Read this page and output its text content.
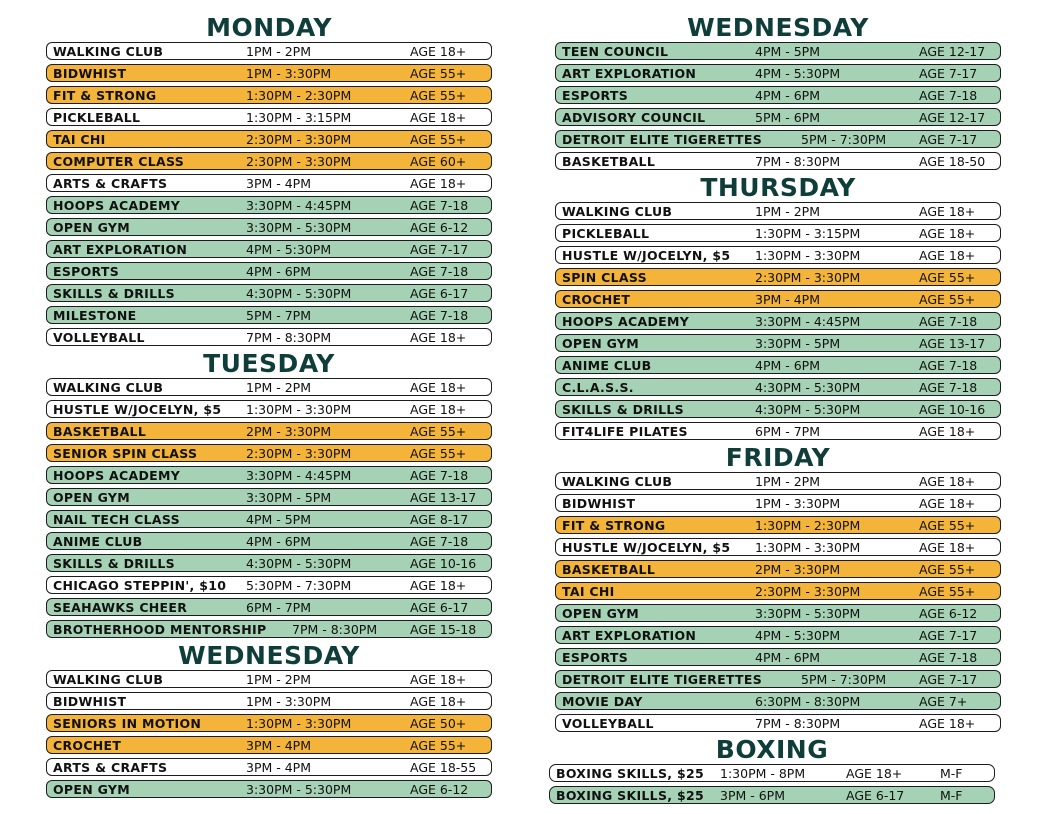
MONDAY
WALKING CLUB	1PM - 2PM	AGE 18+
BIDWHIST	1PM - 3:30PM	AGE 55+
FIT & STRONG	1:30PM - 2:30PM	AGE 55+
PICKLEBALL	1:30PM - 3:15PM	AGE 18+
TAI CHI	2:30PM - 3:30PM	AGE 55+
COMPUTER CLASS	2:30PM - 3:30PM	AGE 60+
ARTS & CRAFTS	3PM - 4PM	AGE 18+
HOOPS ACADEMY	3:30PM - 4:45PM	AGE 7-18
OPEN GYM	3:30PM - 5:30PM	AGE 6-12
ART EXPLORATION	4PM - 5:30PM	AGE 7-17
ESPORTS	4PM - 6PM	AGE 7-18
SKILLS & DRILLS	4:30PM - 5:30PM	AGE 6-17
MILESTONE	5PM - 7PM	AGE 7-18
VOLLEYBALL	7PM - 8:30PM	AGE 18+
TUESDAY
WALKING CLUB	1PM - 2PM	AGE 18+
HUSTLE W/JOCELYN, $5 1:30PM - 3:30PM	AGE 18+
BASKETBALL	2PM - 3:30PM	AGE 55+
SENIOR SPIN CLASS	2:30PM - 3:30PM	AGE 55+
HOOPS ACADEMY	3:30PM - 4:45PM	AGE 7-18
OPEN GYM	3:30PM - 5PM	AGE 13-17
NAIL TECH CLASS	4PM - 5PM	AGE 8-17
ANIME CLUB	4PM - 6PM	AGE 7-18
SKILLS & DRILLS	4:30PM - 5:30PM	AGE 10-16
CHICAGO STEPPIN', $10 5:30PM - 7:30PM	AGE 18+
SEAHAWKS CHEER	6PM - 7PM	AGE 6-17
BROTHERHOOD MENTORSHIP 7PM - 8:30PM	AGE 15-18
WEDNESDAY
WALKING CLUB	1PM - 2PM	AGE 18+
BIDWHIST	1PM - 3:30PM	AGE 18+
SENIORS IN MOTION	1:30PM - 3:30PM	AGE 50+
CROCHET	3PM - 4PM	AGE 55+
ARTS & CRAFTS	3PM - 4PM	AGE 18-55
OPEN GYM	3:30PM - 5:30PM	AGE 6-12
WEDNESDAY
TEEN COUNCIL	4PM - 5PM	AGE 12-17
ART EXPLORATION	4PM - 5:30PM	AGE 7-17
ESPORTS	4PM - 6PM	AGE 7-18
ADVISORY COUNCIL	5PM - 6PM	AGE 12-17
DETROIT ELITE TIGERETTES	5PM - 7:30PM	AGE 7-17
BASKETBALL	7PM - 8:30PM	AGE 18-50
THURSDAY
WALKING CLUB	1PM - 2PM	AGE 18+
PICKLEBALL	1:30PM - 3:15PM	AGE 18+
HUSTLE W/JOCELYN, $5 1:30PM - 3:30PM	AGE 18+
SPIN CLASS	2:30PM - 3:30PM	AGE 55+
CROCHET	3PM - 4PM	AGE 55+
HOOPS ACADEMY	3:30PM - 4:45PM	AGE 7-18
OPEN GYM	3:30PM - 5PM	AGE 13-17
ANIME CLUB	4PM - 6PM	AGE 7-18
C.L.A.S.S.	4:30PM - 5:30PM	AGE 7-18
SKILLS & DRILLS	4:30PM - 5:30PM	AGE 10-16
FIT4LIFE PILATES	6PM - 7PM	AGE 18+
FRIDAY
WALKING CLUB	1PM - 2PM	AGE 18+
BIDWHIST	1PM - 3:30PM	AGE 18+
FIT & STRONG	1:30PM - 2:30PM	AGE 55+
HUSTLE W/JOCELYN, $5 1:30PM - 3:30PM	AGE 18+
BASKETBALL	2PM - 3:30PM	AGE 55+
TAI CHI	2:30PM - 3:30PM	AGE 55+
OPEN GYM	3:30PM - 5:30PM	AGE 6-12
ART EXPLORATION	4PM - 5:30PM	AGE 7-17
ESPORTS	4PM - 6PM	AGE 7-18
DETROIT ELITE TIGERETTES	5PM - 7:30PM	AGE 7-17
MOVIE DAY	6:30PM - 8:30PM	AGE 7+
VOLLEYBALL	7PM - 8:30PM	AGE 18+
BOXING
BOXING SKILLS, $25 1:30PM - 8PM	AGE 18+	M-F
BOXING SKILLS, $25 3PM - 6PM	AGE 6-17	M-F
